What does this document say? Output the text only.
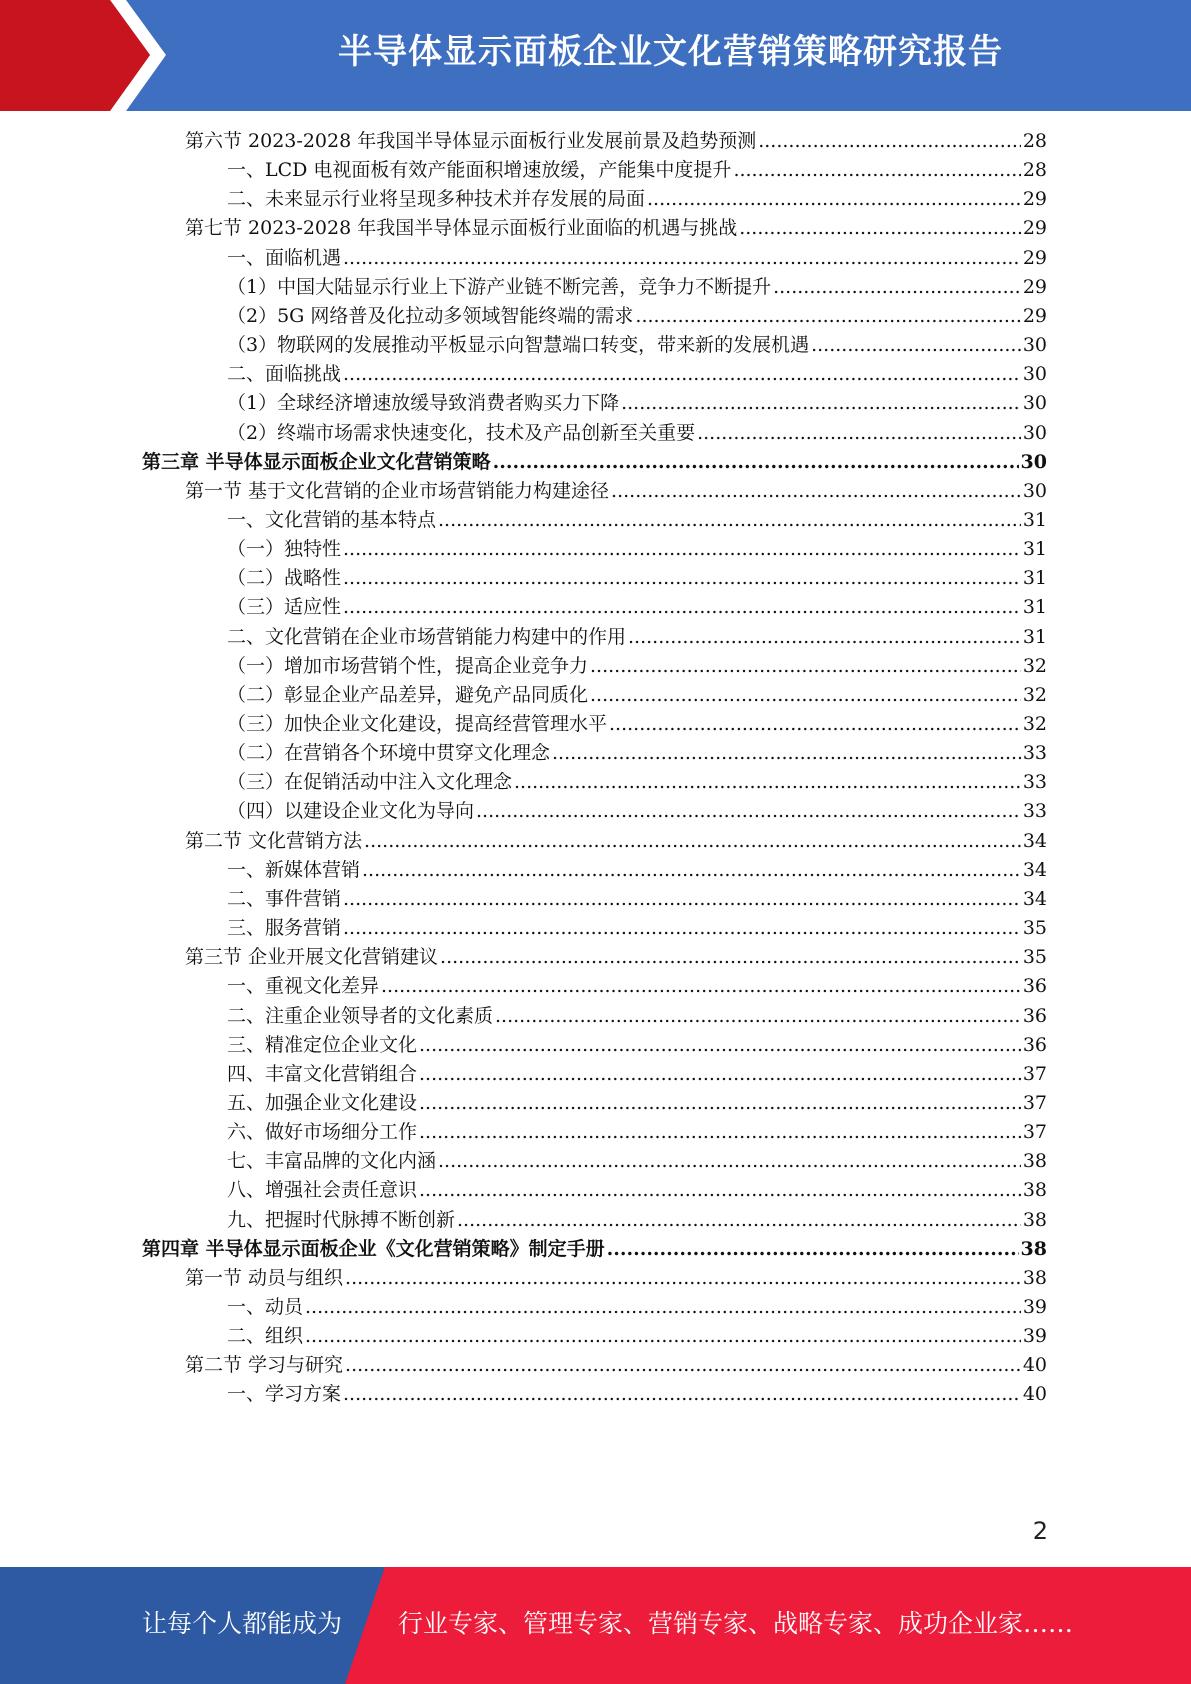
半导体显示面板企业文化营销策略研究报告
第六节 2023-2028 年我国半导体显示面板行业发展前景及趋势预测 .....	28
一、LCD 电视面板有效产能面积增速放缓，产能集中度提升 .....	28
二、未来显示行业将呈现多种技术并存发展的局面 .....	29
第七节 2023-2028 年我国半导体显示面板行业面临的机遇与挑战 .....	29
一、面临机遇 .....	29
（1）中国大陆显示行业上下游产业链不断完善，竞争力不断提升 .....	29
（2）5G 网络普及化拉动多领域智能终端的需求 .....	29
（3）物联网的发展推动平板显示向智慧端口转变，带来新的发展机遇 .....	30
二、面临挑战 .....	30
（1）全球经济增速放缓导致消费者购买力下降 .....	30
（2）终端市场需求快速变化，技术及产品创新至关重要 .....	30
第三章 半导体显示面板企业文化营销策略 .....	30
第一节 基于文化营销的企业市场营销能力构建途径 .....	30
一、文化营销的基本特点 .....	31
（一）独特性 .....	31
（二）战略性 .....	31
（三）适应性 .....	31
二、文化营销在企业市场营销能力构建中的作用 .....	31
（一）增加市场营销个性，提高企业竞争力 .....	32
（二）彰显企业产品差异，避免产品同质化 .....	32
（三）加快企业文化建设，提高经营管理水平 .....	32
（二）在营销各个环境中贯穿文化理念 .....	33
（三）在促销活动中注入文化理念 .....	33
（四）以建设企业文化为导向 .....	33
第二节 文化营销方法 .....	34
一、新媒体营销 .....	34
二、事件营销 .....	34
三、服务营销 .....	35
第三节 企业开展文化营销建议 .....	35
一、重视文化差异 .....	36
二、注重企业领导者的文化素质 .....	36
三、精准定位企业文化 .....	36
四、丰富文化营销组合 .....	37
五、加强企业文化建设 .....	37
六、做好市场细分工作 .....	37
七、丰富品牌的文化内涵 .....	38
八、增强社会责任意识 .....	38
九、把握时代脉搏不断创新 .....	38
第四章 半导体显示面板企业《文化营销策略》制定手册 .....	38
第一节 动员与组织 .....	38
一、动员 .....	39
二、组织 .....	39
第二节 学习与研究 .....	40
一、学习方案 .....	40
2
让每个人都能成为 行业专家、管理专家、营销专家、战略专家、成功企业家……
